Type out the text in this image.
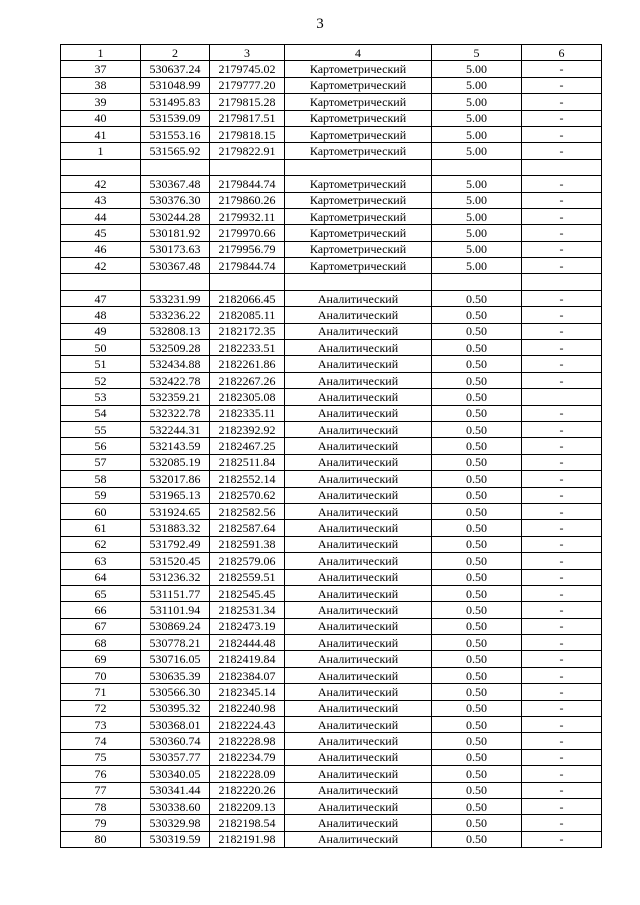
3
1	2	3	4	5	6
37	530637.24	2179745.02	Картометрический	5.00	-
38	531048.99	2179777.20	Картометрический	5.00	-
39	531495.83	2179815.28	Картометрический	5.00	-
40	531539.09	2179817.51	Картометрический	5.00	-
41	531553.16	2179818.15	Картометрический	5.00	-
1	531565.92	2179822.91	Картометрический	5.00	-

42	530367.48	2179844.74	Картометрический	5.00	-
43	530376.30	2179860.26	Картометрический	5.00	-
44	530244.28	2179932.11	Картометрический	5.00	-
45	530181.92	2179970.66	Картометрический	5.00	-
46	530173.63	2179956.79	Картометрический	5.00	-
42	530367.48	2179844.74	Картометрический	5.00	-

47	533231.99	2182066.45	Аналитический	0.50	-
48	533236.22	2182085.11	Аналитический	0.50	-
49	532808.13	2182172.35	Аналитический	0.50	-
50	532509.28	2182233.51	Аналитический	0.50	-
51	532434.88	2182261.86	Аналитический	0.50	-
52	532422.78	2182267.26	Аналитический	0.50	-
53	532359.21	2182305.08	Аналитический	0.50	
54	532322.78	2182335.11	Аналитический	0.50	-
55	532244.31	2182392.92	Аналитический	0.50	-
56	532143.59	2182467.25	Аналитический	0.50	-
57	532085.19	2182511.84	Аналитический	0.50	-
58	532017.86	2182552.14	Аналитический	0.50	-
59	531965.13	2182570.62	Аналитический	0.50	-
60	531924.65	2182582.56	Аналитический	0.50	-
61	531883.32	2182587.64	Аналитический	0.50	-
62	531792.49	2182591.38	Аналитический	0.50	-
63	531520.45	2182579.06	Аналитический	0.50	-
64	531236.32	2182559.51	Аналитический	0.50	-
65	531151.77	2182545.45	Аналитический	0.50	-
66	531101.94	2182531.34	Аналитический	0.50	-
67	530869.24	2182473.19	Аналитический	0.50	-
68	530778.21	2182444.48	Аналитический	0.50	-
69	530716.05	2182419.84	Аналитический	0.50	-
70	530635.39	2182384.07	Аналитический	0.50	-
71	530566.30	2182345.14	Аналитический	0.50	-
72	530395.32	2182240.98	Аналитический	0.50	-
73	530368.01	2182224.43	Аналитический	0.50	-
74	530360.74	2182228.98	Аналитический	0.50	-
75	530357.77	2182234.79	Аналитический	0.50	-
76	530340.05	2182228.09	Аналитический	0.50	-
77	530341.44	2182220.26	Аналитический	0.50	-
78	530338.60	2182209.13	Аналитический	0.50	-
79	530329.98	2182198.54	Аналитический	0.50	-
80	530319.59	2182191.98	Аналитический	0.50	-
